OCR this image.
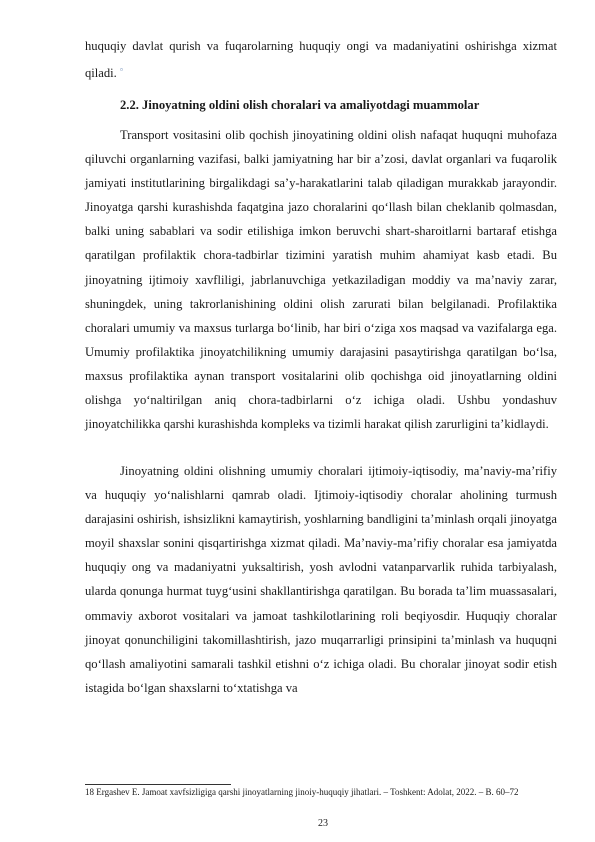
huquqiy davlat qurish va fuqarolarning huquqiy ongi va madaniyatini oshirishga xizmat qiladi. ▫

2.2. Jinoyatning oldini olish choralari va amaliyotdagi muammolar

Transport vositasini olib qochish jinoyatining oldini olish nafaqat huquqni muhofaza qiluvchi organlarning vazifasi, balki jamiyatning har bir a’zosi, davlat organlari va fuqarolik jamiyati institutlarining birgalikdagi sa’y-harakatlarini talab qiladigan murakkab jarayondir. Jinoyatga qarshi kurashishda faqatgina jazo choralarini qo‘llash bilan cheklanib qolmasdan, balki uning sabablari va sodir etilishiga imkon beruvchi shart-sharoitlarni bartaraf etishga qaratilgan profilaktik chora-tadbirlar tizimini yaratish muhim ahamiyat kasb etadi. Bu jinoyatning ijtimoiy xavfliligi, jabrlanuvchiga yetkaziladigan moddiy va ma’naviy zarar, shuningdek, uning takrorlanishining oldini olish zarurati bilan belgilanadi. Profilaktika choralari umumiy va maxsus turlarga bo‘linib, har biri o‘ziga xos maqsad va vazifalarga ega. Umumiy profilaktika jinoyatchilikning umumiy darajasini pasaytirishga qaratilgan bo‘lsa, maxsus profilaktika aynan transport vositalarini olib qochishga oid jinoyatlarning oldini olishga yo‘naltirilgan aniq chora-tadbirlarni o‘z ichiga oladi. Ushbu yondashuv jinoyatchilikka qarshi kurashishda kompleks va tizimli harakat qilish zarurligini ta’kidlaydi.

Jinoyatning oldini olishning umumiy choralari ijtimoiy-iqtisodiy, ma’naviy-ma’rifiy va huquqiy yo‘nalishlarni qamrab oladi. Ijtimoiy-iqtisodiy choralar aholining turmush darajasini oshirish, ishsizlikni kamaytirish, yoshlarning bandligini ta’minlash orqali jinoyatga moyil shaxslar sonini qisqartirishga xizmat qiladi. Ma’naviy-ma’rifiy choralar esa jamiyatda huquqiy ong va madaniyatni yuksaltirish, yosh avlodni vatanparvarlik ruhida tarbiyalash, ularda qonunga hurmat tuyg‘usini shakllantirishga qaratilgan. Bu borada ta’lim muassasalari, ommaviy axborot vositalari va jamoat tashkilotlarining roli beqiyosdir. Huquqiy choralar jinoyat qonunchiligini takomillashtirish, jazo muqarrarligi prinsipini ta’minlash va huquqni qo‘llash amaliyotini samarali tashkil etishni o‘z ichiga oladi. Bu choralar jinoyat sodir etish istagida bo‘lgan shaxslarni to‘xtatishga va

18 Ergashev E. Jamoat xavfsizligiga qarshi jinoyatlarning jinoiy-huquqiy jihatlari. – Toshkent: Adolat, 2022. – B. 60–72

23
